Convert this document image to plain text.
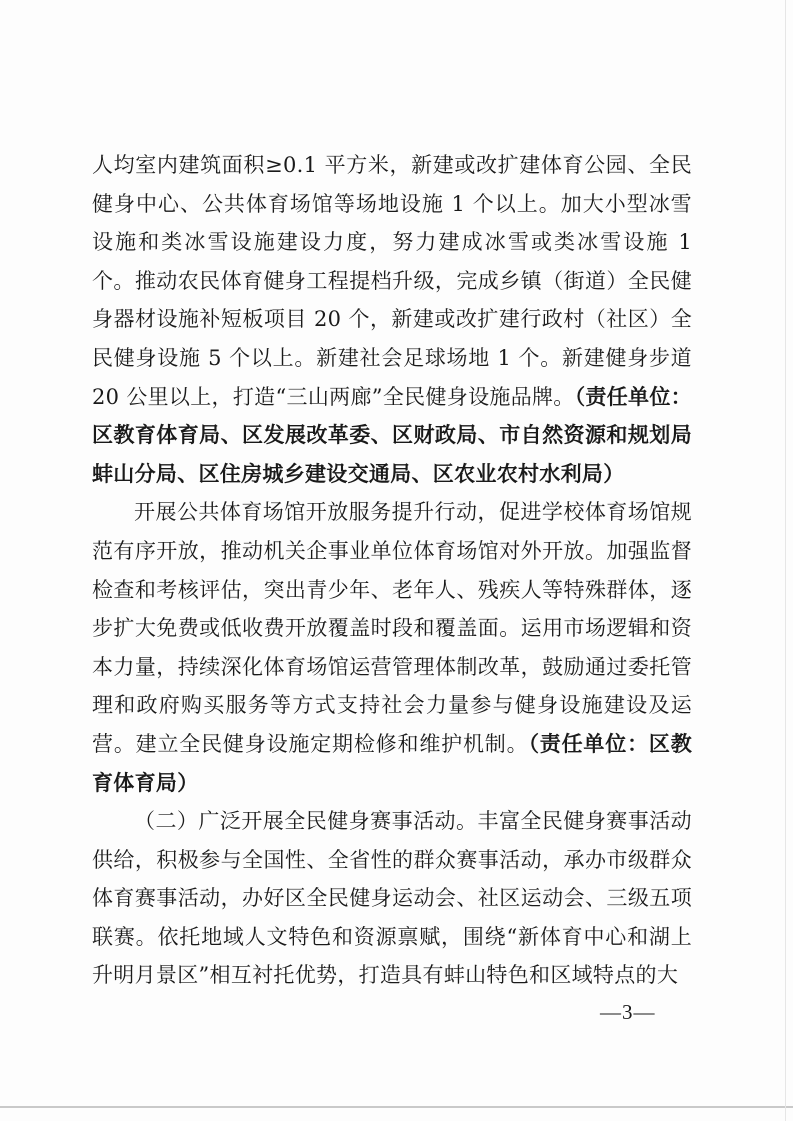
人均室内建筑面积≥0.1 平方米，新建或改扩建体育公园、全民健身中心、公共体育场馆等场地设施 1 个以上。加大小型冰雪设施和类冰雪设施建设力度，努力建成冰雪或类冰雪设施 1 个。推动农民体育健身工程提档升级，完成乡镇（街道）全民健身器材设施补短板项目 20 个，新建或改扩建行政村（社区）全民健身设施 5 个以上。新建社会足球场地 1 个。新建健身步道 20 公里以上，打造“三山两廊”全民健身设施品牌。（责任单位：区教育体育局、区发展改革委、区财政局、市自然资源和规划局蚌山分局、区住房城乡建设交通局、区农业农村水利局）

开展公共体育场馆开放服务提升行动，促进学校体育场馆规范有序开放，推动机关企事业单位体育场馆对外开放。加强监督检查和考核评估，突出青少年、老年人、残疾人等特殊群体，逐步扩大免费或低收费开放覆盖时段和覆盖面。运用市场逻辑和资本力量，持续深化体育场馆运营管理体制改革，鼓励通过委托管理和政府购买服务等方式支持社会力量参与健身设施建设及运营。建立全民健身设施定期检修和维护机制。（责任单位：区教育体育局）

（二）广泛开展全民健身赛事活动。丰富全民健身赛事活动供给，积极参与全国性、全省性的群众赛事活动，承办市级群众体育赛事活动，办好区全民健身运动会、社区运动会、三级五项联赛。依托地域人文特色和资源禀赋，围绕“新体育中心和湖上升明月景区”相互衬托优势，打造具有蚌山特色和区域特点的大

—3—
